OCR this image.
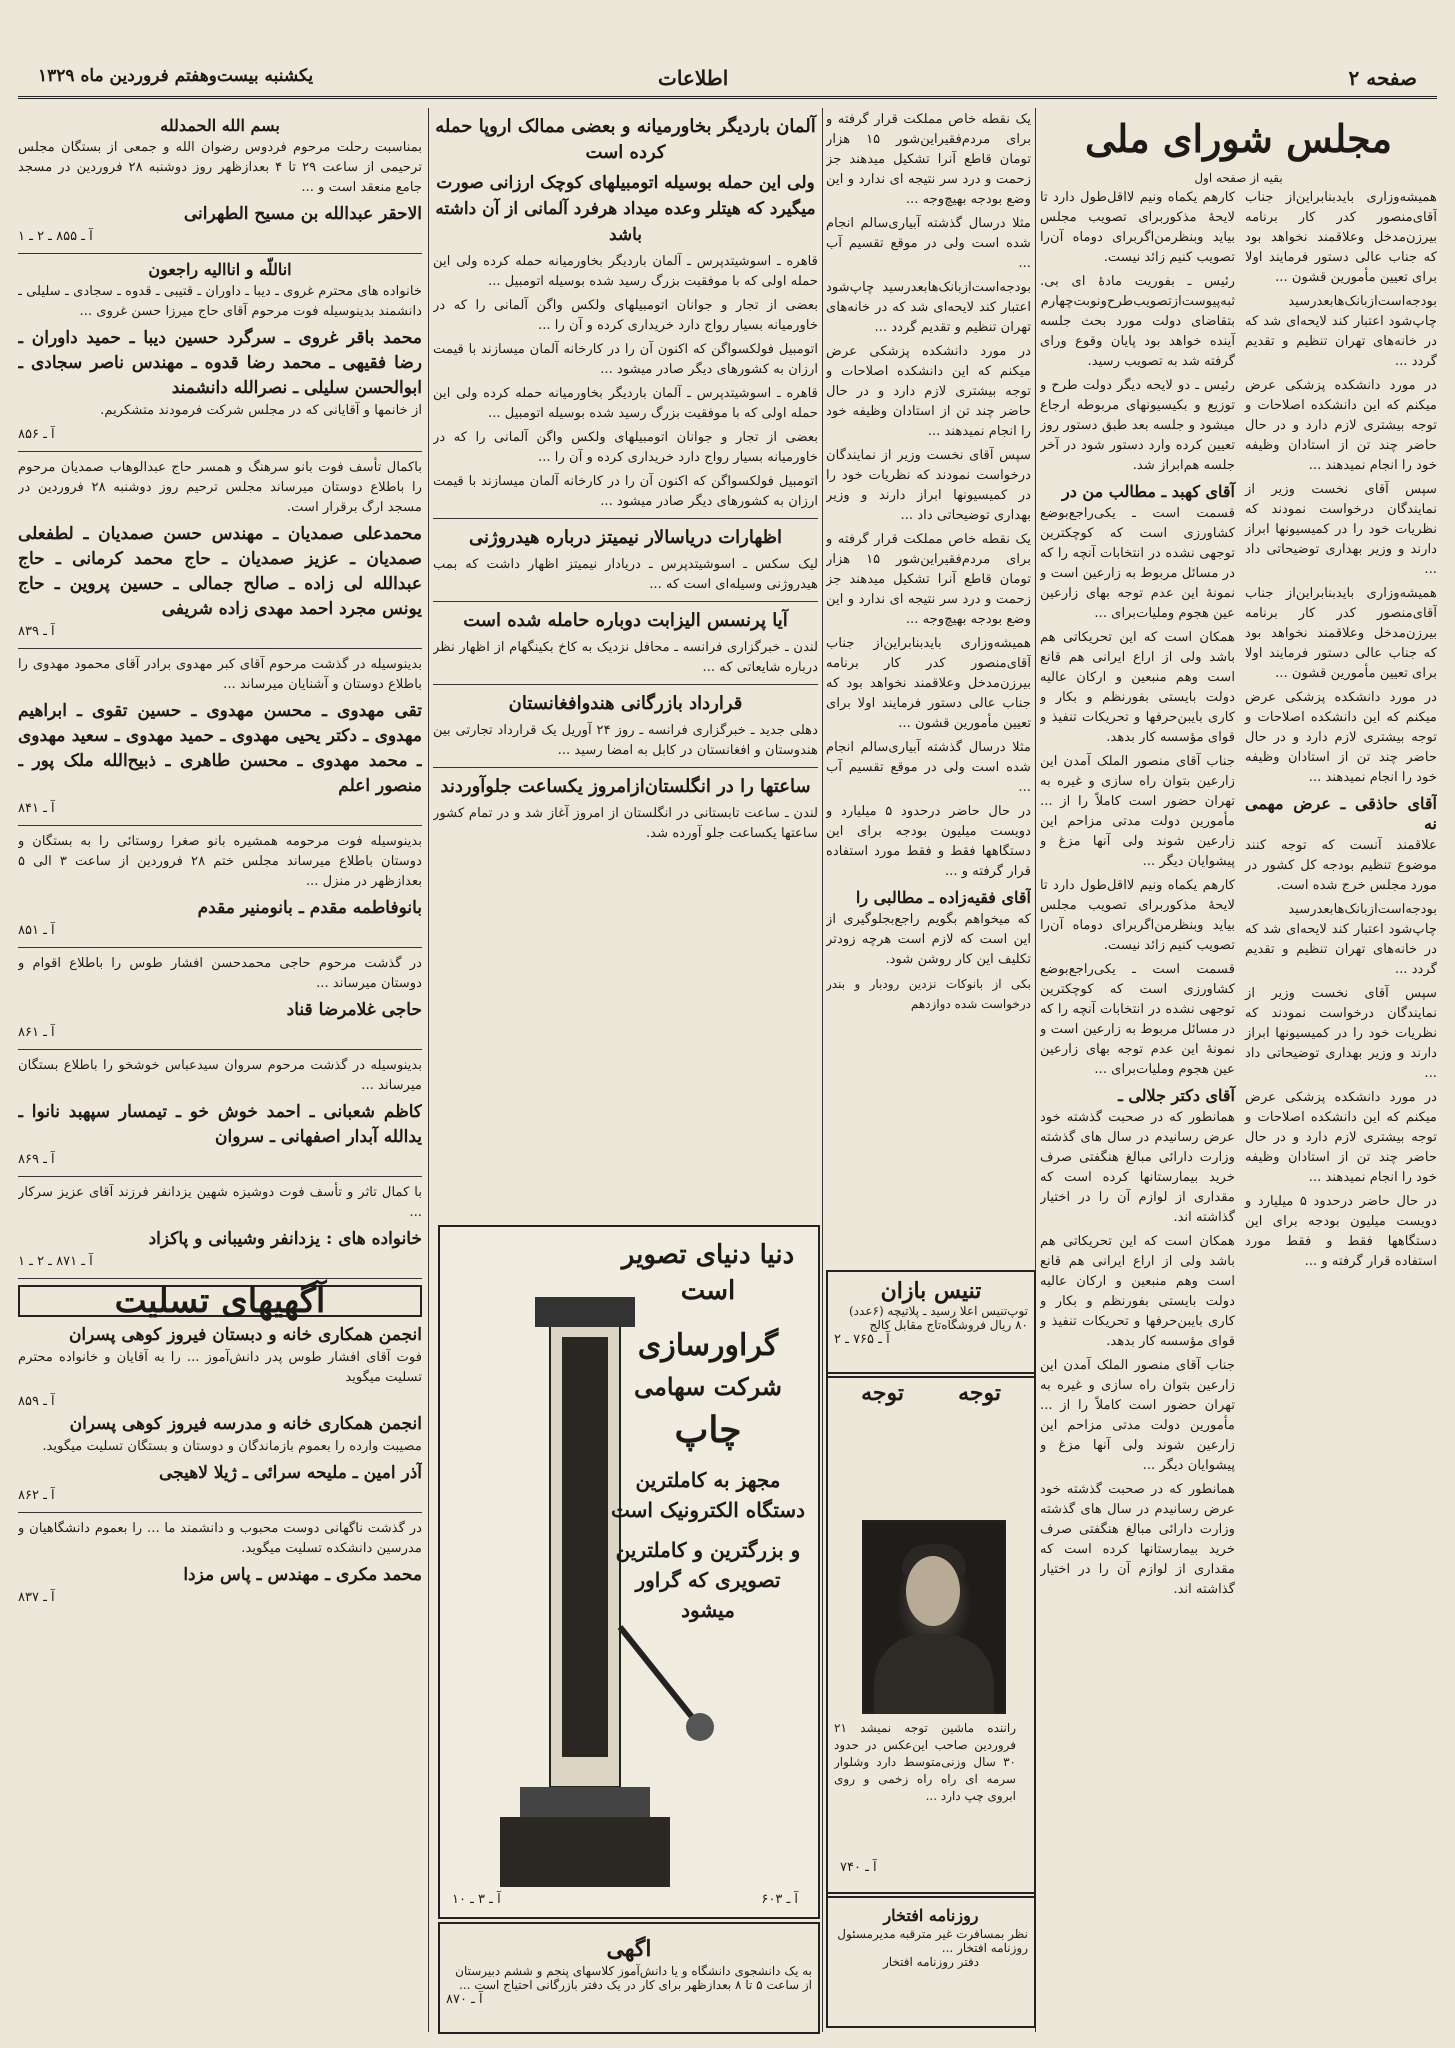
صفحه ۲
اطلاعات
یکشنبه بیست‌وهفتم فروردین ماه ۱۳۲۹
مجلس شورای ملی
بقیه از صفحه اول

کارهم یکماه ونیم لااقل‌طول دارد تا لایحهٔ مذکوربرای تصویب مجلس بیاید وبنظرمن‌اگربرای دوماه آن‌را تصویب کنیم زائد نیست.

رئیس ـ بفوریت مادهٔ ای بی. ثبه‌پیوست‌ازتصویب‌طرح‌ونوبت‌چهارم بتقاضای دولت مورد بحث جلسه آینده خواهد بود پایان وقوع و‌رای گرفته شد به تصویب رسید.

رئیس ـ دو لایحه دیگر دولت طرح و توزیع و بکیسیونهای مربوطه ارجاع میشود و جلسه بعد طبق دستور روز تعیین کرده وارد دستور شود در آخر جلسه هم‌ابراز شد.

آقای کهبد ـ مطالب من در

قسمت است ـ یکی‌راجع‌بوضع کشاورزی است که کوچکترین توجهی نشده در انتخابات آنچه را که در مسائل مربوط به زارعین است و نمونهٔ این عدم توجه بهای زارعین عین هجوم وملیات‌برای ...

همکان است که این تحریکاتی هم باشد ولی از اراع ایرانی هم قانع است وهم منبعین و ارکان عالیه دولت بایستی بفور‌نظم و بکار و کاری بایبن‌حرفها و تحریکات تنفیذ و قوای مؤسسه کار بدهد.

جناب آقای منصور الملک آمدن این زارعین بتوان راه سازی و غیره به تهران حضور است کاملاً را از ... مأمورین دولت مدتی مزاحم این زارعین شوند ولی آنها مزغ و پیشوایان دیگر ...

کارهم یکماه ونیم لااقل‌طول دارد تا لایحهٔ مذکوربرای تصویب مجلس بیاید وبنظرمن‌اگربرای دوماه آن‌را تصویب کنیم زائد نیست.

قسمت است ـ یکی‌راجع‌بوضع کشاورزی است که کوچکترین توجهی نشده در انتخابات آنچه را که در مسائل مربوط به زارعین است و نمونهٔ این عدم توجه بهای زارعین عین هجوم وملیات‌برای ...

آقای دکتر جلالی ـ

همانطور که در صحبت گذشته خود عرض رسانیدم در سال های گذشته وزارت دارائی مبالغ هنگفتی صرف خرید بیمارستانها کرده است که مقداری از لوازم آن را در اختیار گذاشته اند.

همکان است که این تحریکاتی هم باشد ولی از اراع ایرانی هم قانع است وهم منبعین و ارکان عالیه دولت بایستی بفور‌نظم و بکار و کاری بایبن‌حرفها و تحریکات تنفیذ و قوای مؤسسه کار بدهد.

جناب آقای منصور الملک آمدن این زارعین بتوان راه سازی و غیره به تهران حضور است کاملاً را از ... مأمورین دولت مدتی مزاحم این زارعین شوند ولی آنها مزغ و پیشوایان دیگر ...

همانطور که در صحبت گذشته خود عرض رسانیدم در سال های گذشته وزارت دارائی مبالغ هنگفتی صرف خرید بیمارستانها کرده است که مقداری از لوازم آن را در اختیار گذاشته اند.

همیشه‌وزاری بایدبنابراین‌از جناب آقای‌منصور کدر کار برنامه بیرزن‌مدخل وعلاقمند نخواهد بود که جناب عالی دستور فرمایند اولا برای تعیین مأمورین قشون ...

بودجه‌است‌ازبانک‌ها‌بعدرسید چاپ‌شود اعتبار‌ کند لایحه‌ای‌ شد که در‌ خانه‌های‌ تهران‌ تنظیم‌ و ‌تقدیم‌ گردد ...

در مورد دانشکده پزشکی عرض میکنم که این دانشکده اصلاحات و توجه بیشتری لازم دارد و در حال حاضر چند تن از استادان وظیفه خود را انجام نمیدهند ...

سپس آقای نخست وزیر از نمایندگان درخواست نمودند که نظریات خود را در کمیسیونها ابراز دارند و وزیر بهداری توضیحاتی داد ...

همیشه‌وزاری بایدبنابراین‌از جناب آقای‌منصور کدر کار برنامه بیرزن‌مدخل وعلاقمند نخواهد بود که جناب عالی دستور فرمایند اولا برای تعیین مأمورین قشون ...

در مورد دانشکده پزشکی عرض میکنم که این دانشکده اصلاحات و توجه بیشتری لازم دارد و در حال حاضر چند تن از استادان وظیفه خود را انجام نمیدهند ...

آقای حاذقی ـ عرض مهمی نه

علاقمند آنست که توجه کنند موضوع تنظیم بودجه کل کشور در مورد مجلس خرج شده است.

بودجه‌است‌ازبانک‌ها‌بعدرسید چاپ‌شود اعتبار‌ کند لایحه‌ای‌ شد که در‌ خانه‌های‌ تهران‌ تنظیم‌ و ‌تقدیم‌ گردد ...

سپس آقای نخست وزیر از نمایندگان درخواست نمودند که نظریات خود را در کمیسیونها ابراز دارند و وزیر بهداری توضیحاتی داد ...

در مورد دانشکده پزشکی عرض میکنم که این دانشکده اصلاحات و توجه بیشتری لازم دارد و در حال حاضر چند تن از استادان وظیفه خود را انجام نمیدهند ...

در حال حاضر درحدود ۵ میلیارد و دویست میلیون بودجه برای این دستگاهها فقط و فقط مورد استفاده قرار گرفته و ...

یک نقطه خاص مملکت قرار گرفته و برای مردم‌فقیراین‌شور ۱۵ هزار تومان قاطع آنرا تشکیل میدهند جز زحمت و درد سر نتیجه ای ندارد و این وضع بودجه بهیچ‌وجه ...

مثلا درسال گذشته آبیاری‌سالم انجام شده است ولی در موقع تقسیم آب ...

بودجه‌است‌ازبانک‌ها‌بعدرسید چاپ‌شود اعتبار‌ کند لایحه‌ای‌ شد که در‌ خانه‌های‌ تهران‌ تنظیم‌ و ‌تقدیم‌ گردد ...

در مورد دانشکده پزشکی عرض میکنم که این دانشکده اصلاحات و توجه بیشتری لازم دارد و در حال حاضر چند تن از استادان وظیفه خود را انجام نمیدهند ...

سپس آقای نخست وزیر از نمایندگان درخواست نمودند که نظریات خود را در کمیسیونها ابراز دارند و وزیر بهداری توضیحاتی داد ...

یک نقطه خاص مملکت قرار گرفته و برای مردم‌فقیراین‌شور ۱۵ هزار تومان قاطع آنرا تشکیل میدهند جز زحمت و درد سر نتیجه ای ندارد و این وضع بودجه بهیچ‌وجه ...

همیشه‌وزاری بایدبنابراین‌از جناب آقای‌منصور کدر کار برنامه بیرزن‌مدخل وعلاقمند نخواهد بود که جناب عالی دستور فرمایند اولا برای تعیین مأمورین قشون ...

مثلا درسال گذشته آبیاری‌سالم انجام شده است ولی در موقع تقسیم آب ...

در حال حاضر درحدود ۵ میلیارد و دویست میلیون بودجه برای این دستگاهها فقط و فقط مورد استفاده قرار گرفته و ...

آقای فقیه‌زاده ـ مطالبی را

که میخواهم بگویم راجع‌بجلوگیری از این است که لازم است هرچه زودتر تکلیف این کار روشن شود.

بکی از بانوکات نزدین رودبار و بندر درخواست شده دوازدهم

تنیس بازان
توپ‌تنیس اعلا رسید ـ پلاتیچه (۶عدد) ۸۰ ریال فروشگاه‌تاج مقابل کالج
آ ـ ۷۶۵ ـ ۲
توجه
توجه
راننده ماشین توجه نمیشد ۲۱ فروردین صاحب این‌عکس ‌در حدود ۳۰ سال وزنی‌متوسط دارد وشلوار سرمه ای راه راه زخمی و روی ابروی چپ دارد ...
آ ـ ۷۴۰
روزنامه افتخار
نظر بمسافرت غیر مترقبه مدیرمسئول روزنامه افتخار ...
دفتر روزنامه افتخار
آلمان باردیگر بخاورمیانه و بعضی ممالک اروپا حمله کرده است
ولی این حمله بوسیله اتومبیلهای کوچک ارزانی صورت میگیرد که هیتلر وعده میداد هرفرد آلمانی از آن داشته باشد

قاهره ـ اسوشیتدپرس ـ آلمان باردیگر بخاورمیانه حمله کرده ولی این حمله اولی که با موفقیت بزرگ رسید شده بوسیله اتومبیل ...

بعضی از تجار و جوانان اتومبیلهای ولکس واگن آلمانی را که در خاورمیانه بسیار رواج دارد خریداری کرده و آن را ...

اتومبیل فولکسواگن که اکنون آن را در کارخانه آلمان میسازند با قیمت ارزان به کشورهای دیگر صادر میشود ...

قاهره ـ اسوشیتدپرس ـ آلمان باردیگر بخاورمیانه حمله کرده ولی این حمله اولی که با موفقیت بزرگ رسید شده بوسیله اتومبیل ...

بعضی از تجار و جوانان اتومبیلهای ولکس واگن آلمانی را که در خاورمیانه بسیار رواج دارد خریداری کرده و آن را ...

اتومبیل فولکسواگن که اکنون آن را در کارخانه آلمان میسازند با قیمت ارزان به کشورهای دیگر صادر میشود ...

اظهارات دریاسالار نیمیتز درباره هیدروژنی

لیک سکس ـ اسوشیتدپرس ـ دریادار نیمیتز اظهار داشت که بمب هیدروژنی وسیله‌ای است که ...

آیا پرنسس الیزابت دوباره حامله شده است

لندن ـ خبرگزاری فرانسه ـ محافل نزدیک به کاخ بکینگهام از اظهار نظر درباره شایعاتی که ...

قرارداد بازرگانی هندوافغانستان

دهلی جدید ـ خبرگزاری فرانسه ـ روز ۲۴ آوریل یک قرارداد تجارتی بین هندوستان و افغانستان در کابل به امضا رسید ...

ساعتها را در انگلستان‌از‌امروز یکساعت جلو‌آوردند

لندن ـ ساعت تابستانی در انگلستان از امروز آغاز شد و در تمام کشور ساعتها یکساعت جلو آورده شد.

دنیا دنیای تصویر است
گراورسازی
شرکت سهامی
چاپ
مجهز به کاملترین دستگاه الکترونیک است
و بزرگترین و کاملترین تصویری که گراور میشود
آ ـ ۳ ـ ۱۰	آ ـ ۶۰۳
اگهی
به یک دانشجوی دانشگاه و یا دانش‌آموز کلاسهای پنجم و ششم دبیرستان از ساعت ۵ تا ۸ بعدازظهر برای کار در یک دفتر بازرگانی احتیاج است ...
آ ـ ۸۷۰
بسم الله الحمدلله

بمناسبت رحلت مرحوم فردوس رضوان الله و جمعی از بستگان مجلس ترحیمی از ساعت ۲۹ تا ۴ بعدازظهر روز دوشنبه ۲۸ فروردین در مسجد جامع منعقد است و ...

الاحقر عبدالله بن مسیح الطهرانی
آ ـ ۸۵۵ ـ ۲ ـ ۱
اناللّه و انااليه راجعون

خانواده های محترم غروی ـ دیبا ـ داوران ـ قتیبی ـ قدوه ـ سجادی ـ سلیلی ـ دانشمند بدینوسیله فوت مرحوم آقای حاج میرزا حسن غروی ...

محمد باقر غروی ـ سرگرد حسین دیبا ـ حمید داوران ـ رضا فقیهی ـ محمد رضا قدوه ـ مهندس ناصر سجادی ـ ابوالحسن سلیلی ـ نصرالله دانشمند

از خانمها و آقایانی که در مجلس شرکت فرمودند متشکریم.

آ ـ ۸۵۶

باکمال تأسف فوت بانو سرهنگ و همسر حاج عبدالوهاب صمدیان مرحوم را باطلاع دوستان میرساند مجلس ترحیم روز دوشنبه ۲۸ فروردین در مسجد ارگ برقرار است.

محمدعلی صمدیان ـ مهندس حسن صمدیان ـ لطفعلی صمدیان ـ عزیز صمدیان ـ حاج محمد کرمانی ـ حاج عبدالله لی زاده ـ صالح جمالی ـ حسین پروین ـ حاج یونس مجرد احمد مهدی زاده شریفی
آ ـ ۸۳۹

بدینوسیله در گذشت مرحوم آقای کبر مهدوی برادر آقای محمود مهدوی را باطلاع دوستان و آشنایان میرساند ...

تقی مهدوی ـ محسن مهدوی ـ حسین تقوی ـ ابراهیم مهدوی ـ دکتر یحیی مهدوی ـ حمید مهدوی ـ سعید مهدوی ـ محمد مهدوی ـ محسن طاهری ـ ذبیح‌الله ملک پور ـ منصور اعلم
آ ـ ۸۴۱

بدینوسیله فوت مرحومه همشیره بانو صغرا روستائی را به بستگان و دوستان باطلاع میرساند مجلس ختم ۲۸ فروردین از ساعت ۳ الی ۵ بعدازظهر در منزل ...

بانوفاطمه مقدم ـ بانومنیر مقدم
آ ـ ۸۵۱

در گذشت مرحوم حاجی محمدحسن افشار طوس را باطلاع اقوام و دوستان میرساند ...

حاجی غلامرضا قناد
آ ـ ۸۶۱

بدینوسیله در گذشت مرحوم سروان سیدعباس خوشخو را باطلاع بستگان میرساند ...

کاظم شعبانی ـ احمد خوش خو ـ تیمسار سپهبد نانوا ـ یدالله آبدار اصفهانی ـ سروان
آ ـ ۸۶۹

با کمال تاثر و تأسف فوت دوشیزه شهین یزدانفر فرزند آقای عزیز سرکار ...

خانواده های : یزدانفر وشیبانی و پاکزاد
آ ـ ۸۷۱ ـ ۲ ـ ۱
آگهیهای تسلیت
انجمن همکاری خانه و دبستان فیروز کوهی پسران

فوت آقای افشار طوس پدر دانش‌آموز ... را به آقایان و خانواده محترم تسلیت میگوید

آ ـ ۸۵۹
انجمن همکاری خانه و مدرسه فیروز کوهی پسران

مصیبت وارده را بعموم بازماندگان و دوستان و بستگان تسلیت میگوید.

آذر امین ـ ملیحه سرائی ـ ژیلا لاهیجی
آ ـ ۸۶۲

در گذشت ناگهانی دوست محبوب و دانشمند ما ... را بعموم دانشگاهیان و مدرسین دانشکده تسلیت میگوید.

محمد مکری ـ مهندس ـ پاس مزدا
آ ـ ۸۳۷
